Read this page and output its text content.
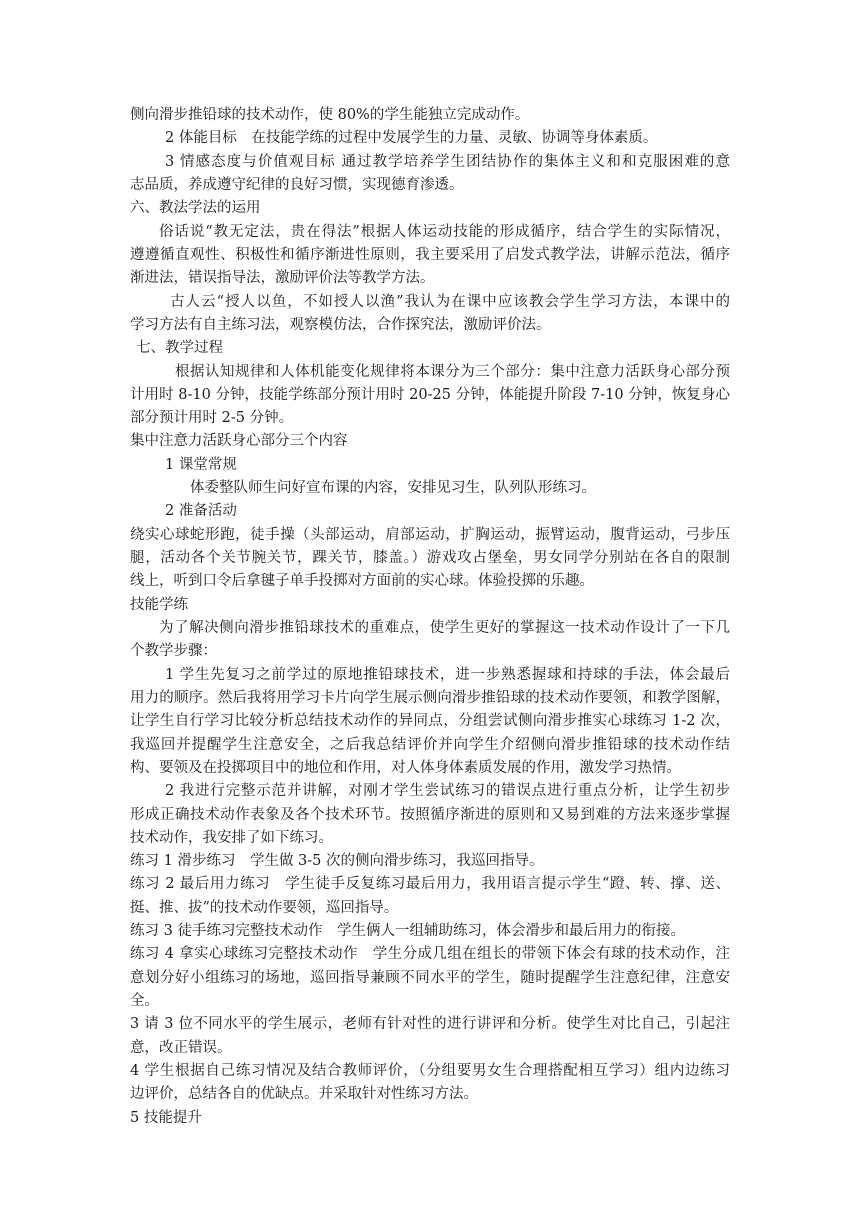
侧向滑步推铅球的技术动作，使 80%的学生能独立完成动作。
2 体能目标　在技能学练的过程中发展学生的力量、灵敏、协调等身体素质。
3 情感态度与价值观目标 通过教学培养学生团结协作的集体主义和和克服困难的意
志品质，养成遵守纪律的良好习惯，实现德育渗透。
六、教法学法的运用
俗话说“教无定法，贵在得法”根据人体运动技能的形成循序，结合学生的实际情况，
遵遵循直观性、积极性和循序渐进性原则，我主要采用了启发式教学法，讲解示范法，循序
渐进法，错误指导法，激励评价法等教学方法。
古人云“授人以鱼，不如授人以渔”我认为在课中应该教会学生学习方法，本课中的
学习方法有自主练习法，观察模仿法，合作探究法，激励评价法。
七、教学过程
根据认知规律和人体机能变化规律将本课分为三个部分：集中注意力活跃身心部分预
计用时 8-10 分钟，技能学练部分预计用时 20-25 分钟，体能提升阶段 7-10 分钟，恢复身心
部分预计用时 2-5 分钟。
集中注意力活跃身心部分三个内容
1 课堂常规
体委整队师生问好宣布课的内容，安排见习生，队列队形练习。
2 准备活动
绕实心球蛇形跑，徒手操（头部运动，肩部运动，扩胸运动，振臂运动，腹背运动，弓步压
腿，活动各个关节腕关节，踝关节，膝盖。）游戏攻占堡垒，男女同学分别站在各自的限制
线上，听到口令后拿毽子单手投掷对方面前的实心球。体验投掷的乐趣。
技能学练
为了解决侧向滑步推铅球技术的重难点，使学生更好的掌握这一技术动作设计了一下几
个教学步骤：
1 学生先复习之前学过的原地推铅球技术，进一步熟悉握球和持球的手法，体会最后
用力的顺序。然后我将用学习卡片向学生展示侧向滑步推铅球的技术动作要领，和教学图解，
让学生自行学习比较分析总结技术动作的异同点，分组尝试侧向滑步推实心球练习 1-2 次，
我巡回并提醒学生注意安全，之后我总结评价并向学生介绍侧向滑步推铅球的技术动作结
构、要领及在投掷项目中的地位和作用，对人体身体素质发展的作用，激发学习热情。
2 我进行完整示范并讲解，对刚才学生尝试练习的错误点进行重点分析，让学生初步
形成正确技术动作表象及各个技术环节。按照循序渐进的原则和又易到难的方法来逐步掌握
技术动作，我安排了如下练习。
练习 1 滑步练习　学生做 3-5 次的侧向滑步练习，我巡回指导。
练习 2 最后用力练习　学生徒手反复练习最后用力，我用语言提示学生“蹬、转、撑、送、
挺、推、拔”的技术动作要领，巡回指导。
练习 3 徒手练习完整技术动作　学生俩人一组辅助练习，体会滑步和最后用力的衔接。
练习 4 拿实心球练习完整技术动作　学生分成几组在组长的带领下体会有球的技术动作，注
意划分好小组练习的场地，巡回指导兼顾不同水平的学生，随时提醒学生注意纪律，注意安
全。
3 请 3 位不同水平的学生展示，老师有针对性的进行讲评和分析。使学生对比自己，引起注
意，改正错误。
4 学生根据自己练习情况及结合教师评价，（分组要男女生合理搭配相互学习）组内边练习
边评价，总结各自的优缺点。并采取针对性练习方法。
5 技能提升
